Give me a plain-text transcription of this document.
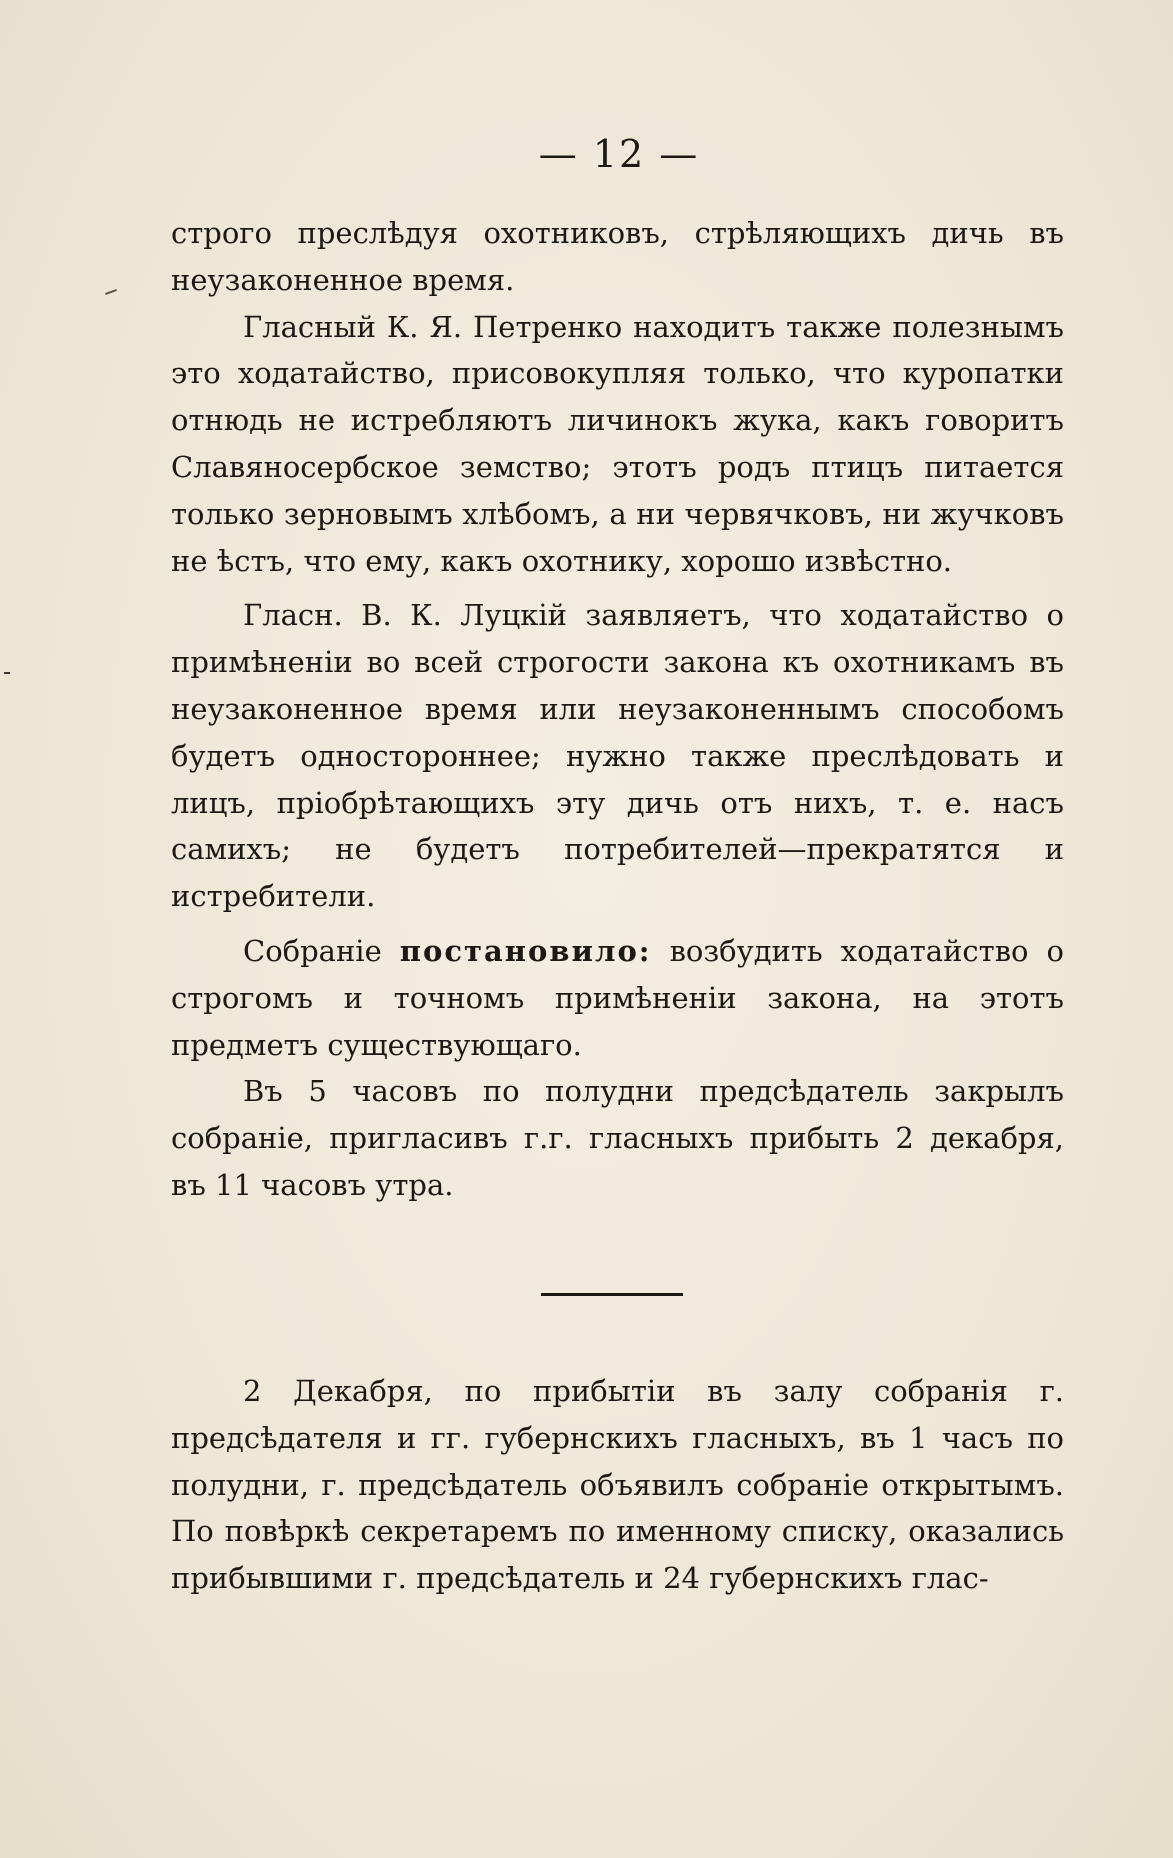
— 12 —

строго преслѣдуя охотниковъ, стрѣляющихъ дичь въ неузаконенное время.

Гласный К. Я. Петренко находитъ также полезнымъ это ходатайство, присовокупляя только, что куропатки отнюдь не истребляютъ личинокъ жука, какъ говоритъ Славяносербское земство; этотъ родъ птицъ питается только зерновымъ хлѣбомъ, а ни червячковъ, ни жучковъ не ѣстъ, что ему, какъ охотнику, хорошо извѣстно.

Гласн. В. К. Луцкій заявляетъ, что ходатайство о примѣненіи во всей строгости закона къ охотникамъ въ неузаконенное время или неузаконеннымъ способомъ будетъ одностороннее; нужно также преслѣдовать и лицъ, пріобрѣтающихъ эту дичь отъ нихъ, т. е. насъ самихъ; не будетъ потребителей—прекратятся и истребители.

Собраніе постановило: возбудить ходатайство о строгомъ и точномъ примѣненіи закона, на этотъ предметъ существующаго.

Въ 5 часовъ по полудни предсѣдатель закрылъ собраніе, пригласивъ г.г. гласныхъ прибыть 2 декабря, въ 11 часовъ утра.

2 Декабря, по прибытіи въ залу собранія г. предсѣдателя и гг. губернскихъ гласныхъ, въ 1 часъ по полудни, г. предсѣдатель объявилъ собраніе открытымъ. По повѣркѣ секретаремъ по именному списку, оказались прибывшими г. предсѣдатель и 24 губернскихъ глас-
